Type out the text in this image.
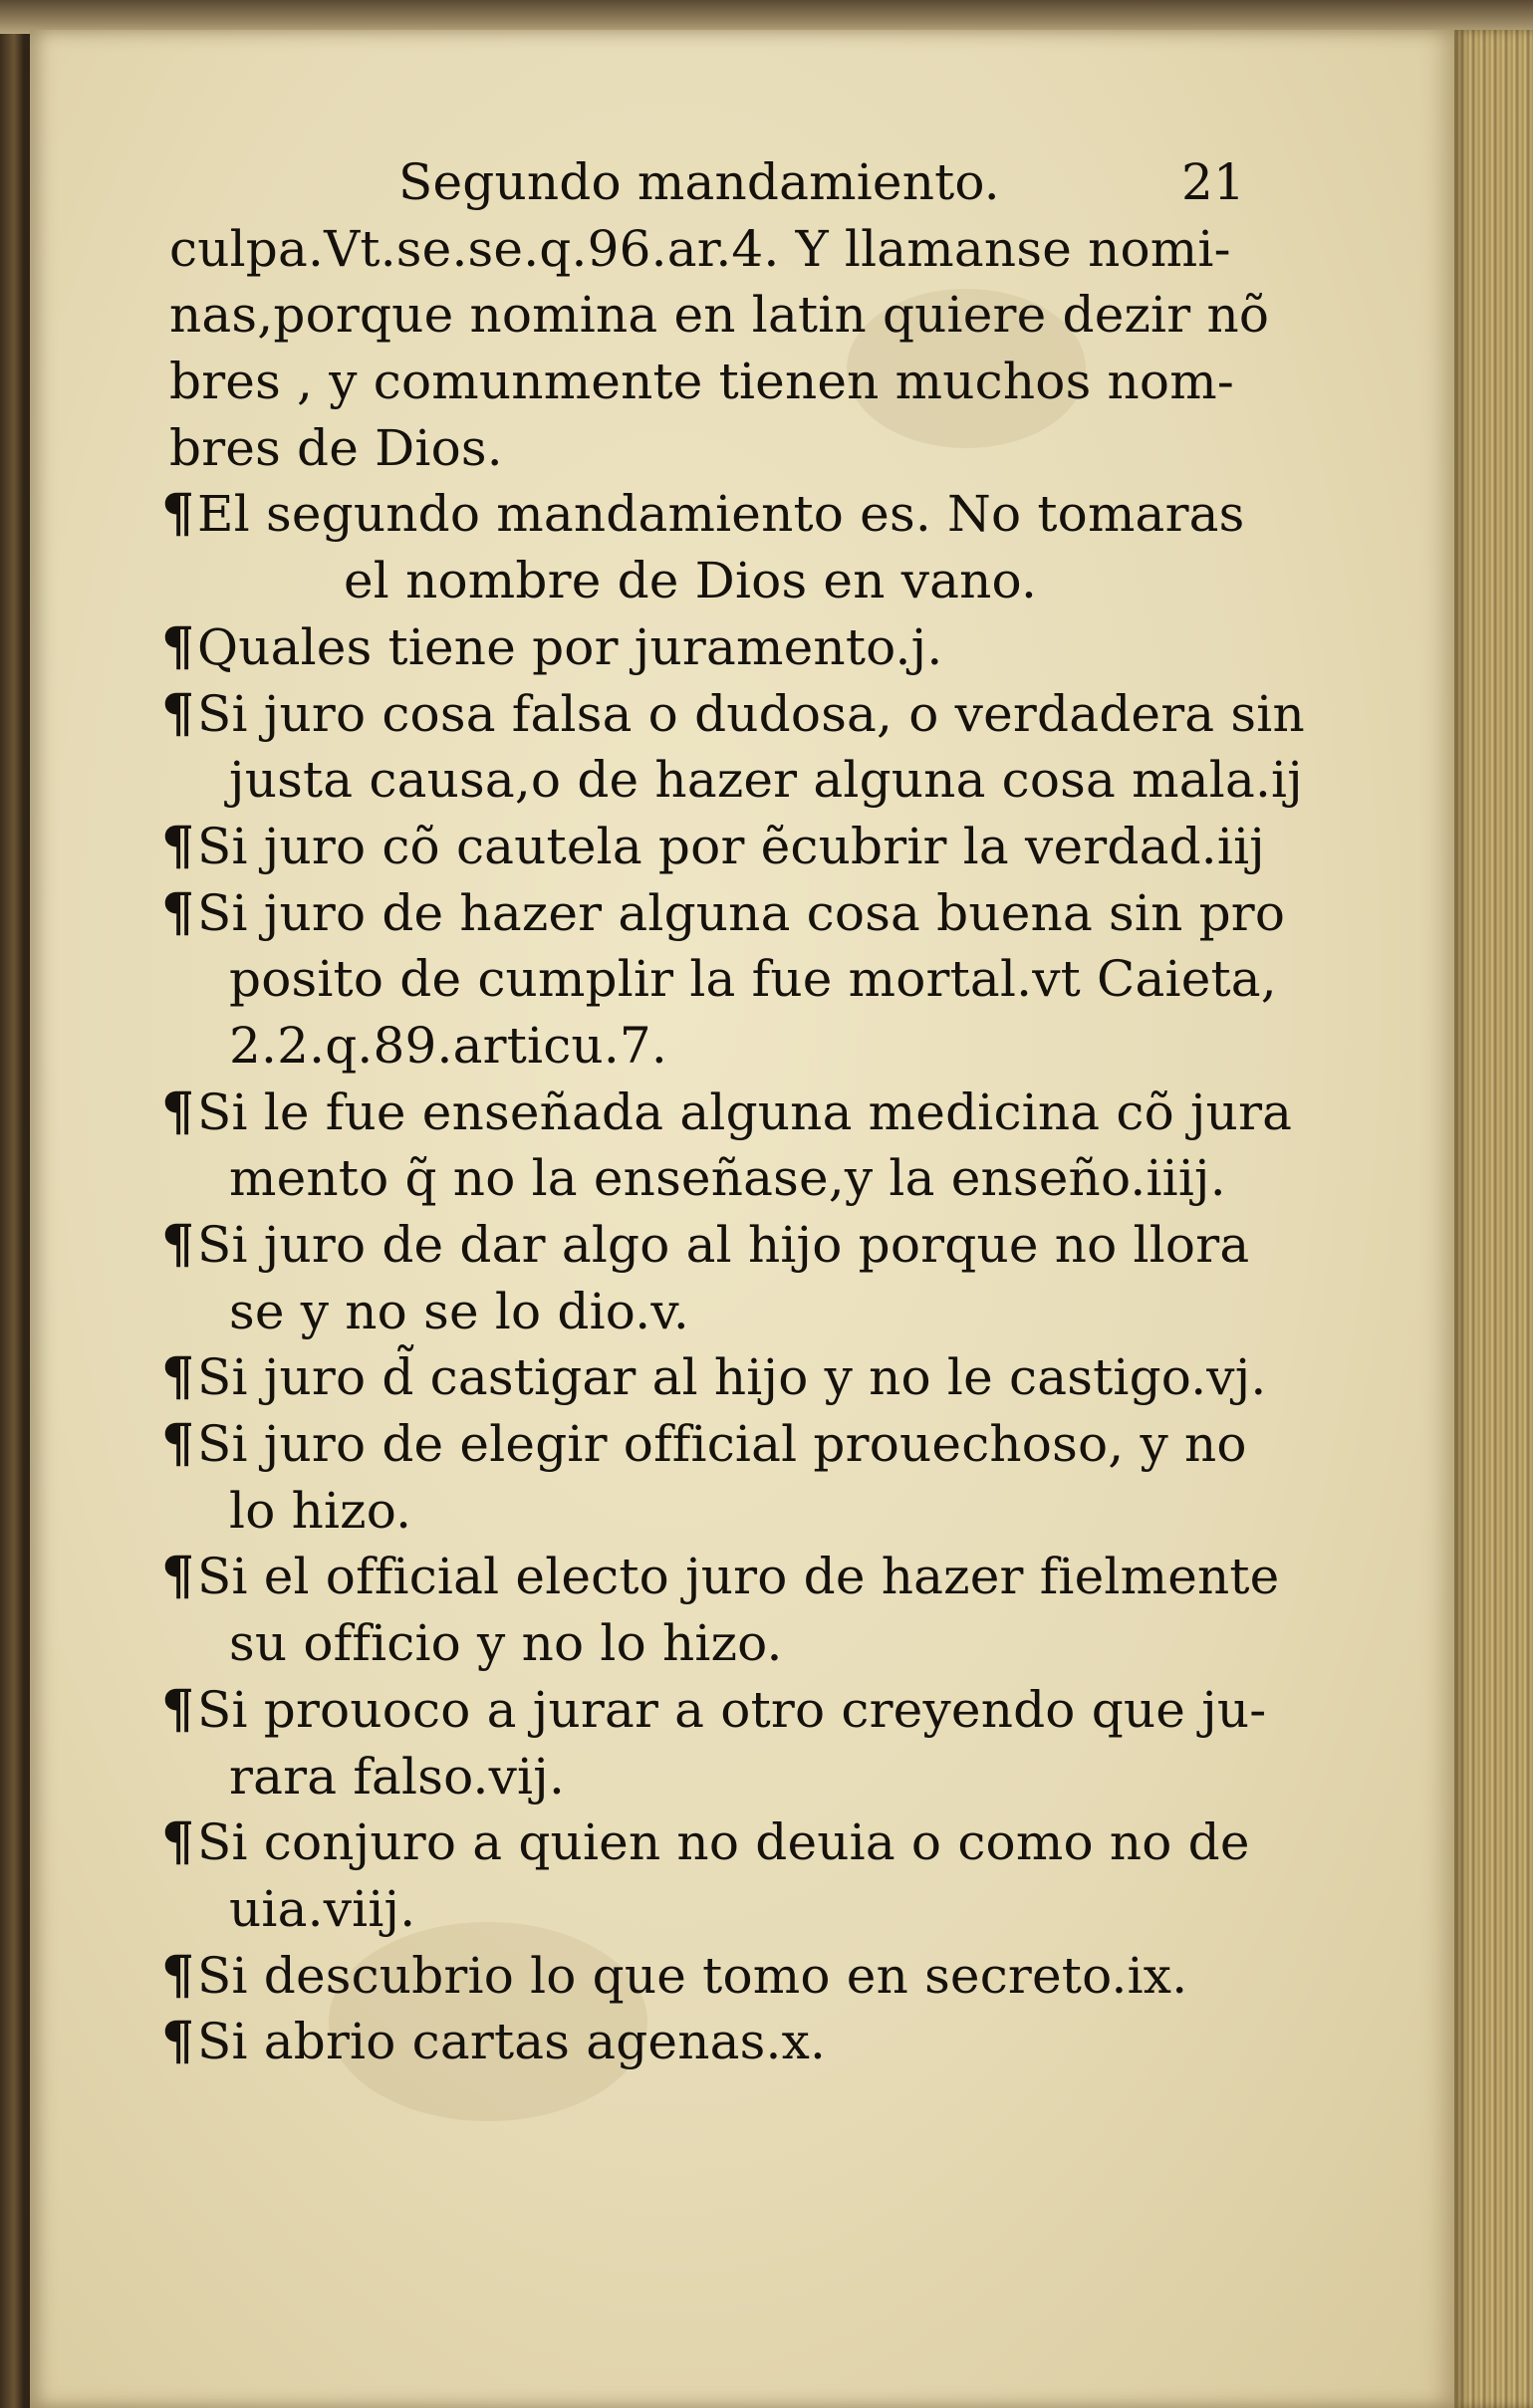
Segundo mandamiento.	21
culpa.Vt.se.se.q.96.ar.4. Y llamanse nomi-
nas,porque nomina en latin quiere dezir nõ
bres , y comunmente tienen muchos nom-
bres de Dios.
¶El segundo mandamiento es. No tomaras
el nombre de Dios en vano.
¶Quales tiene por juramento.j.
¶Si juro cosa falsa o dudosa, o verdadera sin
justa causa,o de hazer alguna cosa mala.ij
¶Si juro cõ cautela por ẽcubrir la verdad.iij
¶Si juro de hazer alguna cosa buena sin pro
posito de cumplir la fue mortal.vt Caieta,
2.2.q.89.articu.7.
¶Si le fue enseñada alguna medicina cõ jura
mento q̃ no la enseñase,y la enseño.iiij.
¶Si juro de dar algo al hijo porque no llora
se y no se lo dio.v.
¶Si juro d̃ castigar al hijo y no le castigo.vj.
¶Si juro de elegir official prouechoso, y no
lo hizo.
¶Si el official electo juro de hazer fielmente
su officio y no lo hizo.
¶Si prouoco a jurar a otro creyendo que ju-
rara falso.vij.
¶Si conjuro a quien no deuia o como no de
uia.viij.
¶Si descubrio lo que tomo en secreto.ix.
¶Si abrio cartas agenas.x.
